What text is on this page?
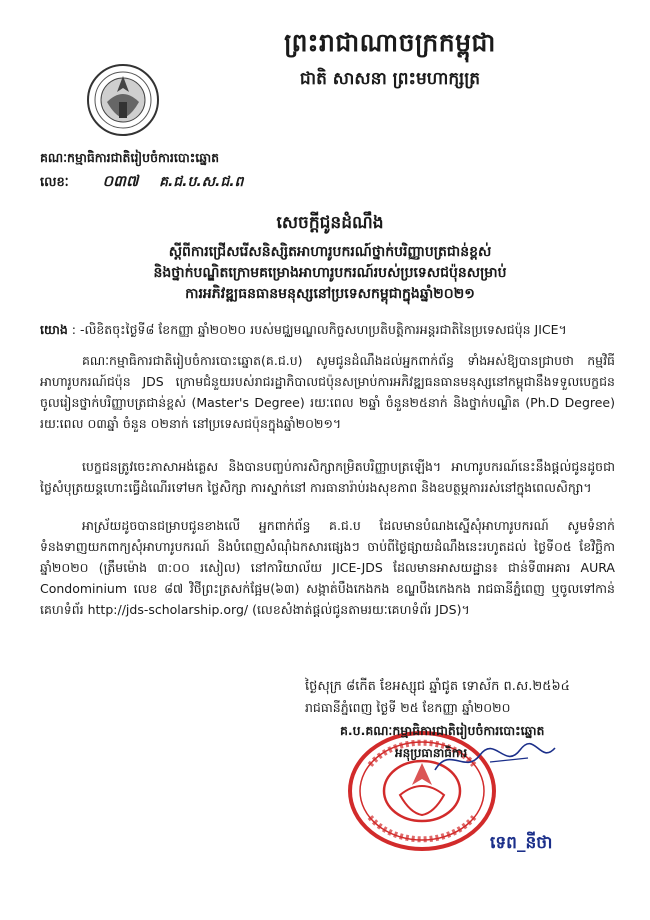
ព្រះរាជាណាចក្រកម្ពុជា
ជាតិ សាសនា ព្រះមហាក្សត្រ
គណៈកម្មាធិការជាតិរៀបចំការបោះឆ្នោត
លេខៈ ០៣៧ គ.ជ.ប.ស.ជ.ព
សេចក្តីជូនដំណឹង
ស្តីពីការជ្រើសរើសនិស្សិតអាហារូបករណ៍ថ្នាក់បរិញ្ញាបត្រជាន់ខ្ពស់
និងថ្នាក់បណ្ឌិតក្រោមគម្រោងអាហារូបករណ៍របស់ប្រទេសជប៉ុនសម្រាប់
ការអភិវឌ្ឍធនធានមនុស្សនៅប្រទេសកម្ពុជាក្នុងឆ្នាំ២០២១
យោង : -លិខិតចុះថ្ងៃទី៨ ខែកញ្ញា ឆ្នាំ២០២០ របស់មជ្ឈមណ្ឌលកិច្ចសហប្រតិបត្តិការអន្តរជាតិនៃប្រទេសជប៉ុន JICE។
គណៈកម្មាធិការជាតិរៀបចំការបោះឆ្នោត(គ.ជ.ប) សូមជូនដំណឹងដល់អ្នកពាក់ព័ន្ធ ទាំងអស់ឱ្យបានជ្រាបថា កម្មវិធីអាហារូបករណ៍ជប៉ុន JDS ក្រោមជំនួយរបស់រាជរដ្ឋាភិបាលជប៉ុនសម្រាប់ការអភិវឌ្ឍធនធានមនុស្សនៅកម្ពុជានឹងទទួលបេក្ខជនចូលរៀនថ្នាក់បរិញ្ញាបត្រជាន់ខ្ពស់ (Master's Degree) រយៈពេល ២ឆ្នាំ ចំនួន២៥នាក់ និងថ្នាក់បណ្ឌិត (Ph.D Degree) រយៈពេល ០៣ឆ្នាំ ចំនួន ០២នាក់ នៅប្រទេសជប៉ុនក្នុងឆ្នាំ២០២១។
បេក្ខជនត្រូវចេះភាសាអង់គ្លេស និងបានបញ្ចប់ការសិក្សាកម្រិតបរិញ្ញាបត្រឡើង។ អាហារូបករណ៍នេះនឹងផ្តល់ជូនដូចជា ថ្លៃសំបុត្រយន្តហោះធ្វើដំណើរទៅមក ថ្លៃសិក្សា ការស្នាក់នៅ ការធានារ៉ាប់រងសុខភាព និងឧបត្ថម្ភការរស់នៅក្នុងពេលសិក្សា។
អាស្រ័យដូចបានជម្រាបជូនខាងលើ អ្នកពាក់ព័ន្ធ គ.ជ.ប ដែលមានបំណងស្នើសុំអាហារូបករណ៍ សូមទំនាក់ទំនងទាញយកពាក្យសុំអាហារូបករណ៍ និងបំពេញសំណុំឯកសារផ្សេងៗ ចាប់ពីថ្ងៃផ្សាយដំណឹងនេះរហូតដល់ ថ្ងៃទី០៥ ខែវិច្ឆិកា ឆ្នាំ២០២០ (ត្រឹមម៉ោង ៣:០០ រសៀល) នៅការិយាល័យ JICE-JDS ដែលមានអាសយដ្ឋាន៖ ជាន់ទី៣អគារ AURA Condominium លេខ ៨៧ វិថីព្រះត្រសក់ផ្អែម(៦៣) សង្កាត់បឹងកេងកង ខណ្ឌបឹងកេងកង រាជធានីភ្នំពេញ ឬចូលទៅកាន់គេហទំព័រ http://jds-scholarship.org/ (លេខសំងាត់ផ្តល់ជូនតាមរយៈគេហទំព័រ JDS)។
ថ្ងៃសុក្រ ៨កើត ខែអស្សុជ ឆ្នាំជូត ទោស័ក ព.ស.២៥៦៤
រាជធានីភ្នំពេញ ថ្ងៃទី ២៥ ខែកញ្ញា ឆ្នាំ២០២០
គ.ប.គណៈកម្មាធិការជាតិរៀបចំការបោះឆ្នោត
អនុប្រធានាធិការ
ទេព_នីថា
